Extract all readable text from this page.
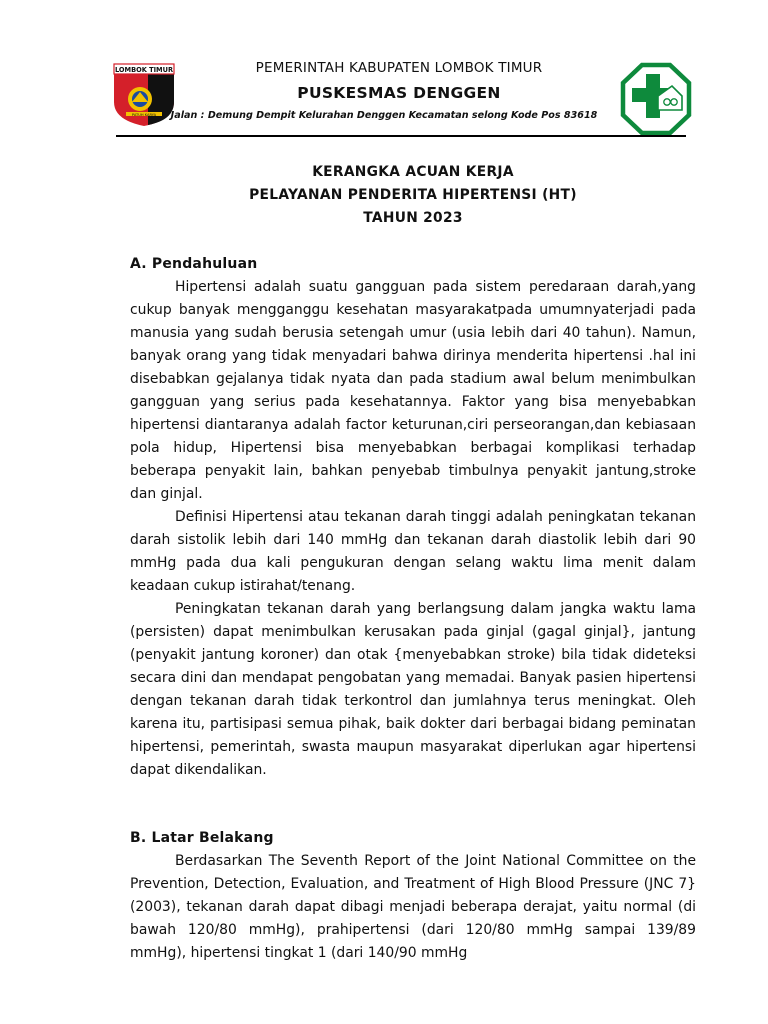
LOMBOK TIMUR
PATUH KARYA
PEMERINTAH KABUPATEN LOMBOK TIMUR
PUSKESMAS DENGGEN
Jalan : Demung Dempit Kelurahan Denggen Kecamatan selong Kode Pos 83618
KERANGKA ACUAN KERJA
PELAYANAN PENDERITA HIPERTENSI (HT)
TAHUN 2023
A. Pendahuluan

Hipertensi adalah suatu gangguan pada sistem peredaraan darah,yang cukup banyak mengganggu kesehatan masyarakatpada umumnyaterjadi pada manusia yang sudah berusia setengah umur (usia lebih dari 40 tahun). Namun, banyak orang yang tidak menyadari bahwa dirinya menderita hipertensi .hal ini disebabkan gejalanya tidak nyata dan pada stadium awal belum menimbulkan gangguan yang serius pada kesehatannya. Faktor yang bisa menyebabkan hipertensi diantaranya adalah factor keturunan,ciri perseorangan,dan kebiasaan pola hidup, Hipertensi bisa menyebabkan berbagai komplikasi terhadap beberapa penyakit lain, bahkan penyebab timbulnya penyakit jantung,stroke dan ginjal.

Definisi Hipertensi atau tekanan darah tinggi adalah peningkatan tekanan darah sistolik lebih dari 140 mmHg dan tekanan darah diastolik lebih dari 90 mmHg pada dua kali pengukuran dengan selang waktu lima menit dalam keadaan cukup istirahat/tenang.

Peningkatan tekanan darah yang berlangsung dalam jangka waktu lama (persisten) dapat menimbulkan kerusakan pada ginjal (gagal ginjal}, jantung (penyakit jantung koroner) dan otak {menyebabkan stroke) bila tidak dideteksi secara dini dan mendapat pengobatan yang memadai. Banyak pasien hipertensi dengan tekanan darah tidak terkontrol dan jumlahnya terus meningkat. Oleh karena itu, partisipasi semua pihak, baik dokter dari berbagai bidang peminatan hipertensi, pemerintah, swasta maupun masyarakat diperlukan agar hipertensi dapat dikendalikan.

B. Latar Belakang

Berdasarkan The Seventh Report of the Joint National Committee on the Prevention, Detection, Evaluation, and Treatment of High Blood Pressure (JNC 7} (2003), tekanan darah dapat dibagi menjadi beberapa derajat, yaitu normal (di bawah 120/80 mmHg), prahipertensi (dari 120/80 mmHg sampai 139/89 mmHg), hipertensi tingkat 1 (dari 140/90 mmHg
